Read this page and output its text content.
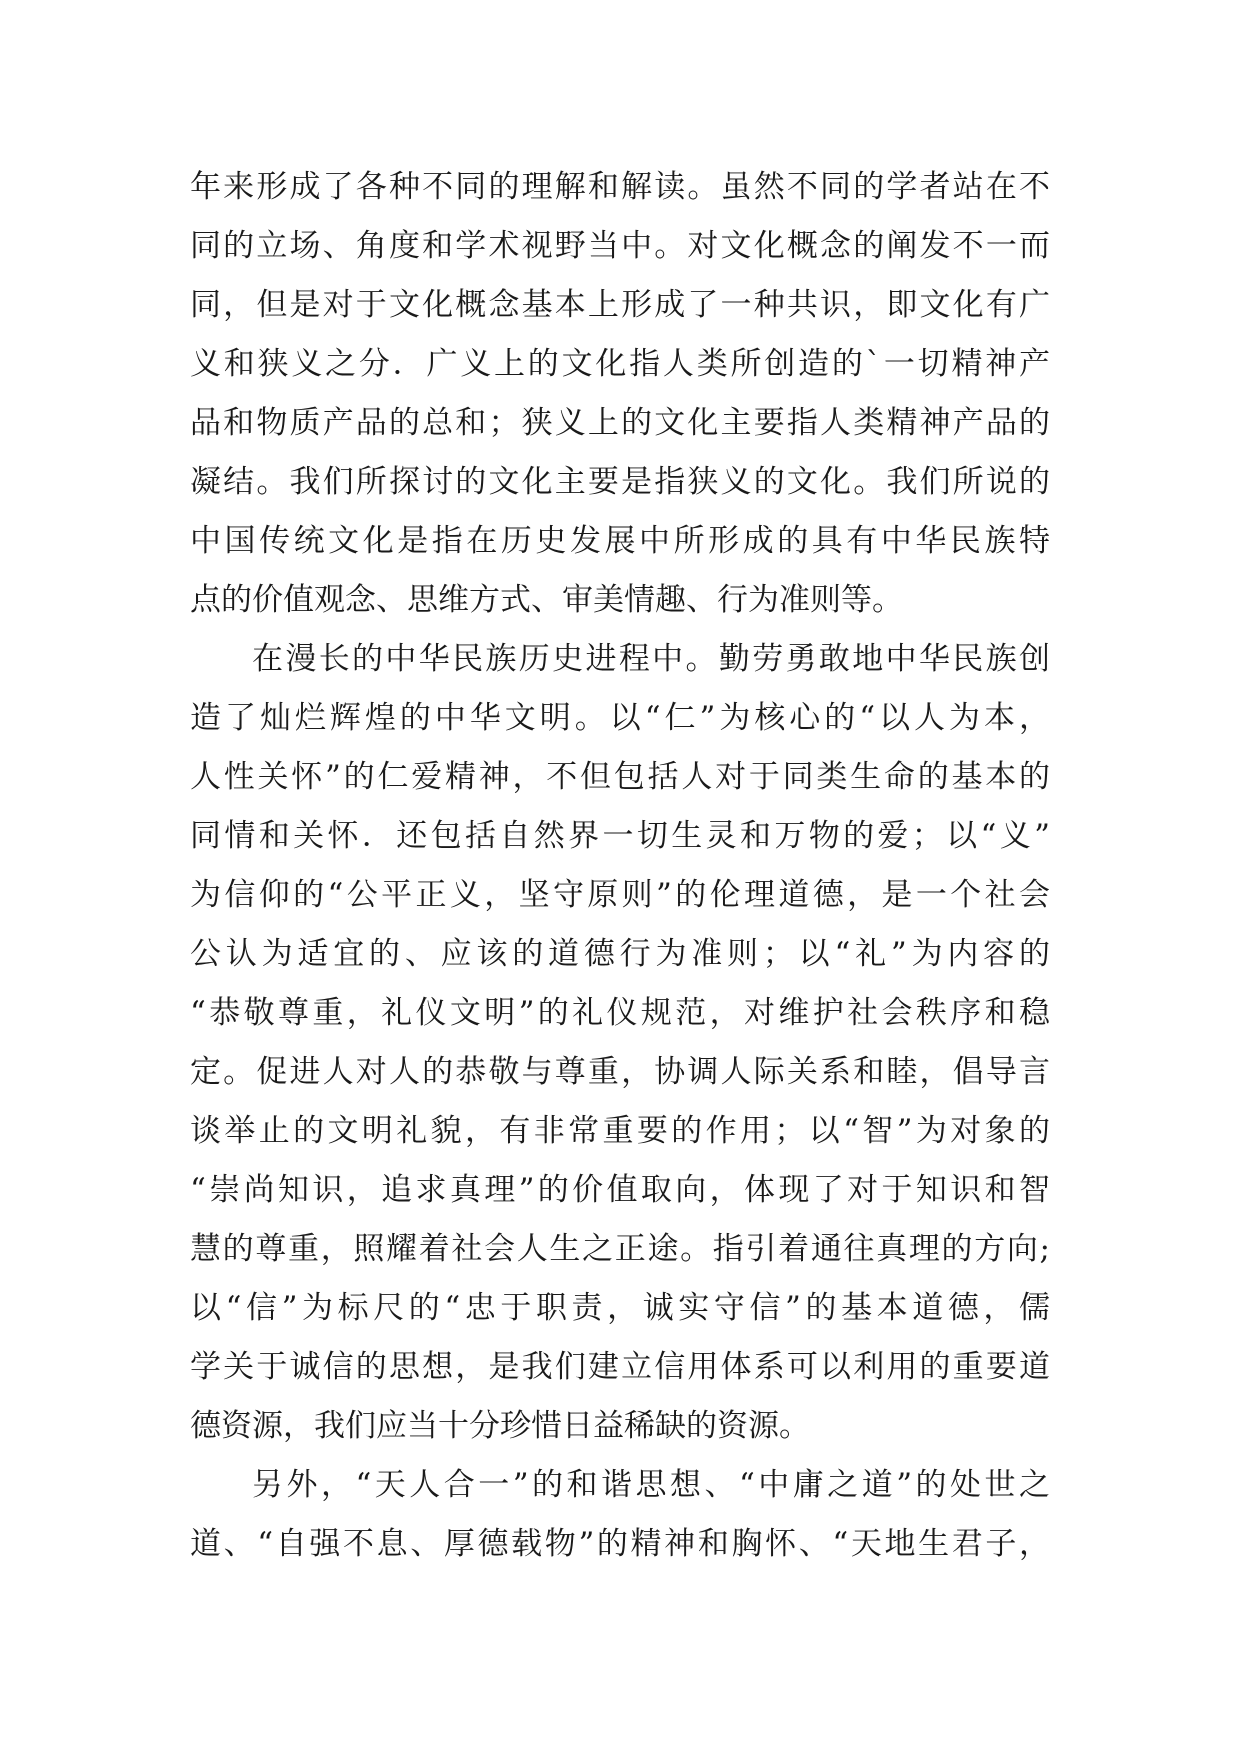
年来形成了各种不同的理解和解读。虽然不同的学者站在不
同的立场、角度和学术视野当中。对文化概念的阐发不一而
同，但是对于文化概念基本上形成了一种共识，即文化有广
义和狭义之分．广义上的文化指人类所创造的`一切精神产
品和物质产品的总和；狭义上的文化主要指人类精神产品的
凝结。我们所探讨的文化主要是指狭义的文化。我们所说的
中国传统文化是指在历史发展中所形成的具有中华民族特
点的价值观念、思维方式、审美情趣、行为准则等。
在漫长的中华民族历史进程中。勤劳勇敢地中华民族创
造了灿烂辉煌的中华文明。以“仁”为核心的“以人为本，
人性关怀”的仁爱精神，不但包括人对于同类生命的基本的
同情和关怀．还包括自然界一切生灵和万物的爱；以“义”
为信仰的“公平正义，坚守原则”的伦理道德，是一个社会
公认为适宜的、应该的道德行为准则；以“礼”为内容的
“恭敬尊重，礼仪文明”的礼仪规范，对维护社会秩序和稳
定。促进人对人的恭敬与尊重，协调人际关系和睦，倡导言
谈举止的文明礼貌，有非常重要的作用；以“智”为对象的
“崇尚知识，追求真理”的价值取向，体现了对于知识和智
慧的尊重，照耀着社会人生之正途。指引着通往真理的方向;
以“信”为标尺的“忠于职责，诚实守信”的基本道德，儒
学关于诚信的思想，是我们建立信用体系可以利用的重要道
德资源，我们应当十分珍惜日益稀缺的资源。
另外，“天人合一”的和谐思想、“中庸之道”的处世之
道、“自强不息、厚德载物”的精神和胸怀、“天地生君子，
